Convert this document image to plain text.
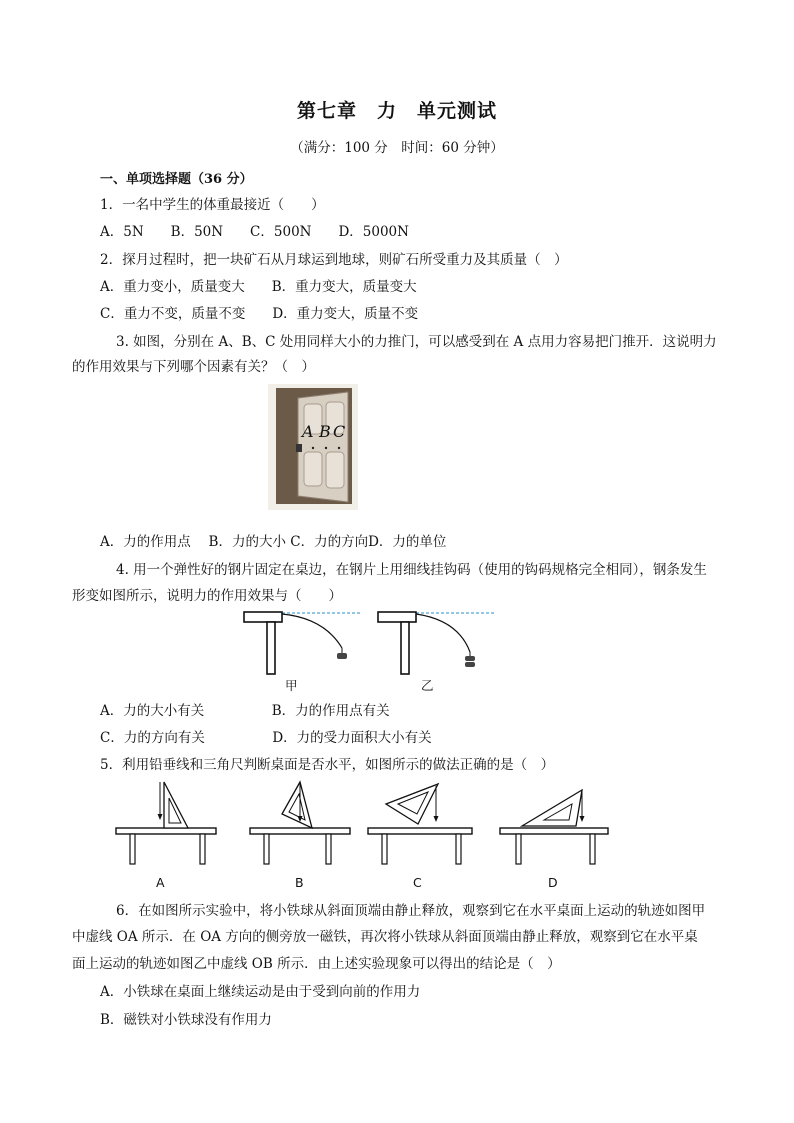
第七章　力　单元测试
（满分：100 分　时间：60 分钟）
一、单项选择题（36 分）
1．一名中学生的体重最接近（　　）
A．5N　　B．50N　　C．500N　　D．5000N
2．探月过程时，把一块矿石从月球运到地球，则矿石所受重力及其质量（　）
A．重力变小，质量变大　　B．重力变大，质量变大
C．重力不变，质量不变　　D．重力变大，质量不变
3. 如图，分别在 A、B、C 处用同样大小的力推门，可以感受到在 A 点用力容易把门推开．这说明力
的作用效果与下列哪个因素有关？（　）
A B C
A．力的作用点　 B．力的大小 C．力的方向D．力的单位
4. 用一个弹性好的钢片固定在桌边，在钢片上用细线挂钩码（使用的钩码规格完全相同），钢条发生
形变如图所示，说明力的作用效果与（　　）
甲	乙
A．力的大小有关　　　　　B．力的作用点有关
C．力的方向有关　　　　　D．力的受力面积大小有关
5．利用铅垂线和三角尺判断桌面是否水平，如图所示的做法正确的是（　）
A	B	C	D
6．在如图所示实验中，将小铁球从斜面顶端由静止释放，观察到它在水平桌面上运动的轨迹如图甲
中虚线 OA 所示．在 OA 方向的侧旁放一磁铁，再次将小铁球从斜面顶端由静止释放，观察到它在水平桌
面上运动的轨迹如图乙中虚线 OB 所示．由上述实验现象可以得出的结论是（　）
A．小铁球在桌面上继续运动是由于受到向前的作用力
B．磁铁对小铁球没有作用力
